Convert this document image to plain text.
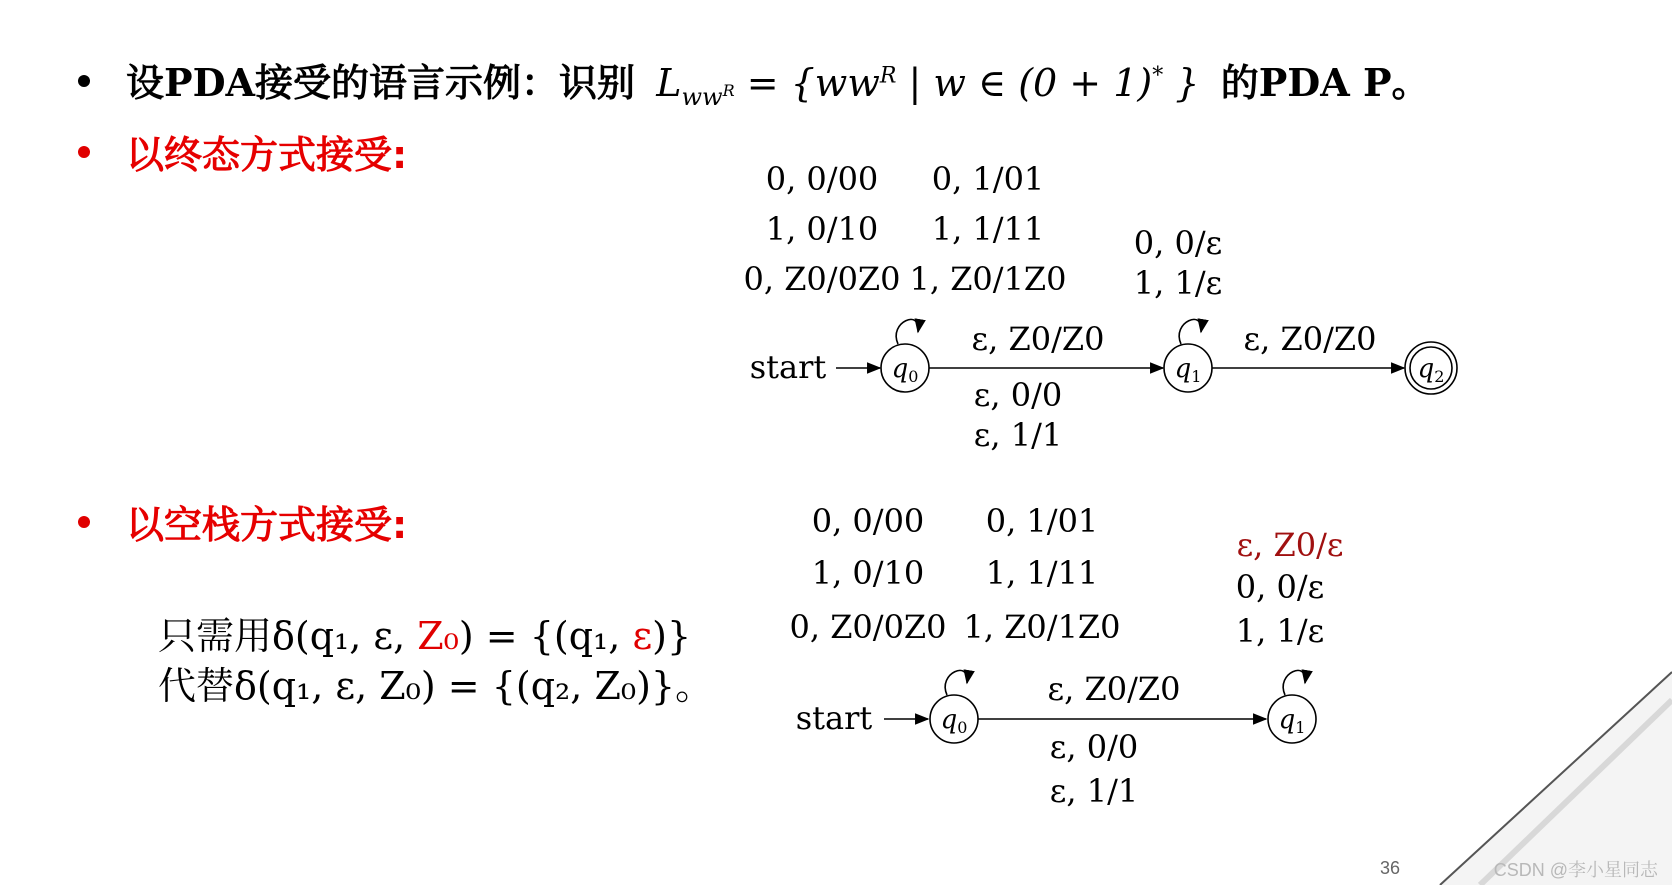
设PDA接受的语言示例：识别 $L_{ww^R} = \{ww^R$ | w ∈ (0 + 1)* } 的PDA P。
以终态方式接受:
以空栈方式接受:
只需用δ(q₁, ε, Z₀) = {(q₁, ε)}
代替δ(q₁, ε, Z₀) = {(q₂, Z₀)}。
0, 0/00
1, 0/10
0, Z0/0Z0
0, 1/01
1, 1/11
1, Z0/1Z0
0, 0/ε
1, 1/ε
ε, Z0/Z0
ε, 0/0
ε, 1/1
ε, Z0/Z0
start	q0	q1	q2
0, 0/00
1, 0/10
0, Z0/0Z0
0, 1/01
1, 1/11
1, Z0/1Z0
ε, Z0/ε
0, 0/ε
1, 1/ε
ε, Z0/Z0
ε, 0/0
ε, 1/1
start	q0	q1
36	CSDN @李小星同志
